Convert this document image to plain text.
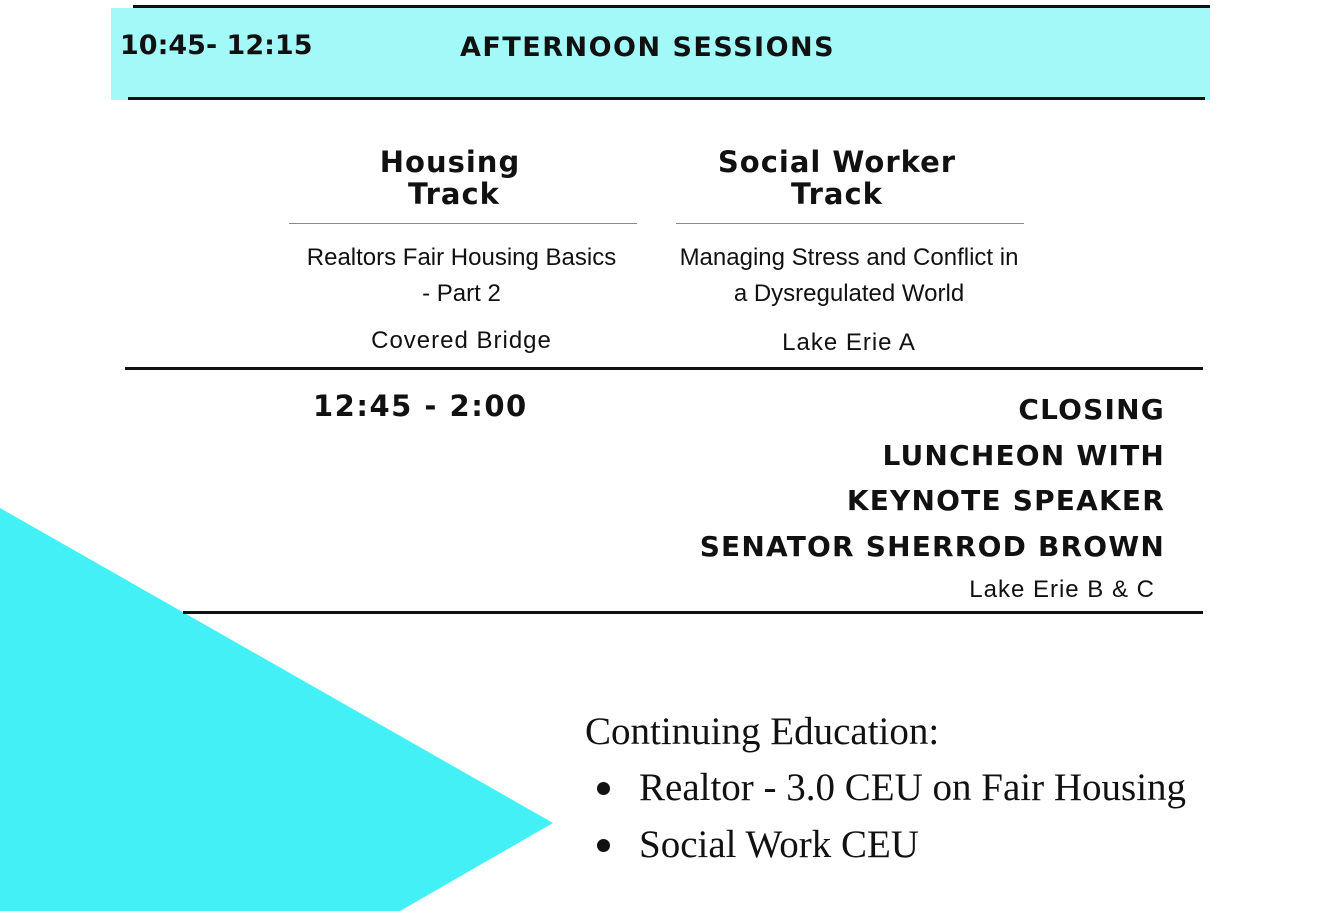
10:45- 12:15	AFTERNOON SESSIONS
Housing
Track
Realtors Fair Housing Basics
- Part 2
Covered Bridge
Social Worker
Track
Managing Stress and Conflict in
a Dysregulated World
Lake Erie A
12:45 - 2:00	CLOSING
LUNCHEON WITH
KEYNOTE SPEAKER
SENATOR SHERROD BROWN
Lake Erie B & C
Continuing Education:
Realtor - 3.0 CEU on Fair Housing
Social Work CEU
